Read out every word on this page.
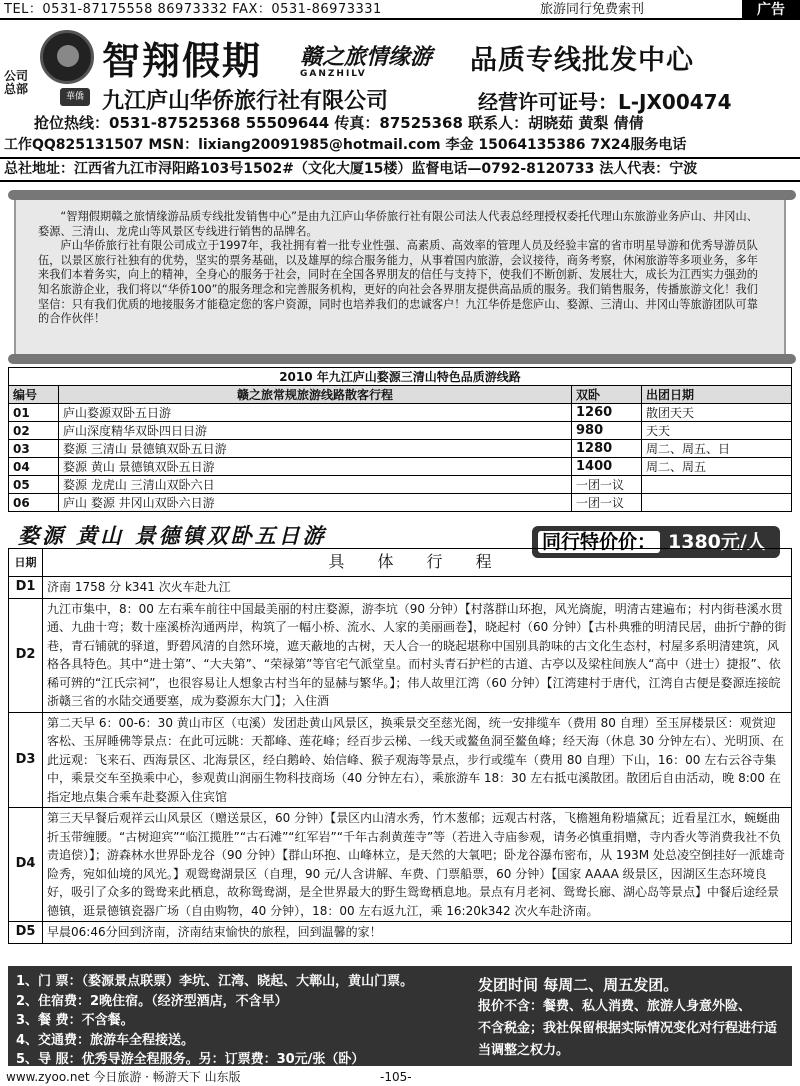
TEL：0531-87175558 86973332 FAX：0531-86973331	旅游同行免费索刊	广告
公司总部
華僑
智翔假期 赣之旅情缘游
GANZHILV	品质专线批发中心
九江庐山华侨旅行社有限公司	经营许可证号：L-JX00474
抢位热线：0531-87525368 55509644 传真：87525368 联系人：胡晓茹 黄梨 倩倩
工作QQ825131507 MSN：lixiang20091985@hotmail.com 李金 15064135386 7X24服务电话
总社地址：江西省九江市浔阳路103号1502#（文化大厦15楼）监督电话—0792-8120733 法人代表：宁波

“智翔假期赣之旅情缘游品质专线批发销售中心”是由九江庐山华侨旅行社有限公司法人代表总经理授权委托代理山东旅游业务庐山、井冈山、婺源、三清山、龙虎山等风景区专线进行销售的品牌名。

庐山华侨旅行社有限公司成立于1997年，我社拥有着一批专业性强、高素质、高效率的管理人员及经验丰富的省市明星导游和优秀导游员队伍，以景区旅行社独有的优势，坚实的票务基础，以及雄厚的综合服务能力，从事着国内旅游，会议接待，商务考察，休闲旅游等多项业务，多年来我们本着务实，向上的精神，全身心的服务于社会，同时在全国各界朋友的信任与支持下，使我们不断创新、发展壮大，成长为江西实力强劲的知名旅游企业，我们将以“华侨100”的服务理念和完善服务机构，更好的向社会各界朋友提供高品质的服务。我们销售服务，传播旅游文化！我们坚信：只有我们优质的地接服务才能稳定您的客户资源，同时也培养我们的忠诚客户！九江华侨是您庐山、婺源、三清山、井冈山等旅游团队可靠的合作伙伴！

2010 年九江庐山婺源三清山特色品质游线路			
编号	赣之旅常规旅游线路散客行程	双卧	出团日期
01	庐山婺源双卧五日游	1260	散团天天
02	庐山深度精华双卧四日日游	980	天天
03	婺源 三清山 景德镇双卧五日游	1280	周二、周五、日
04	婺源 黄山 景德镇双卧五日游	1400	周二、周五
05	婺源 龙虎山 三清山双卧六日	一团一议	
06	庐山 婺源 井冈山双卧六日游	一团一议	
婺源 黄山 景德镇双卧五日游	同行特价价： 1380元/人
日期	具 体 行 程
D1	济南 1758 分 k341 次火车赴九江
D2	九江市集中，8：00 左右乘车前往中国最美丽的村庄婺源，游李坑（90 分钟）【村落群山环抱，风光旖旎，明清古建遍布；村内街巷溪水贯通、九曲十弯；数十座溪桥沟通两岸，构筑了一幅小桥、流水、人家的美丽画卷】，晓起村（60 分钟）【古朴典雅的明清民居，曲折宁静的街巷，青石铺就的驿道，野碧风清的自然环境，遮天蔽地的古树，天人合一的晓起堪称中国别具韵味的古文化生态村，村屋多系明清建筑，风格各具特色。其中“进士第”、“大夫第”、“荣禄第”等官宅气派堂皇。而村头青石护栏的古道、古亭以及梁柱间族人“高中（进士）捷报”、依稀可辨的“江氏宗祠”，也很容易让人想象古村当年的显赫与繁华。】；伟人故里江湾（60 分钟）【江湾建村于唐代，江湾自古便是婺源连接皖浙赣三省的水陆交通要塞，成为婺源东大门】；入住酒
D3	第二天早 6：00-6：30 黄山市区（屯溪）发团赴黄山风景区，换乘景交至慈光阁，统一安排缆车（费用 80 自理）至玉屏楼景区：观赏迎客松、玉屏睡佛等景点：在此可远眺：天都峰、莲花峰；经百步云梯、一线天或鳌鱼洞至鳌鱼峰；经天海（休息 30 分钟左右）、光明顶、在此远观：飞来石、西海景区、北海景区，经白鹅岭、始信峰、猴子观海等景点，步行或缆车（费用 80 自理）下山，16：00 左右云谷寺集中，乘景交车至换乘中心，参观黄山润丽生物科技商场（40 分钟左右），乘旅游车 18：30 左右抵屯溪散团。散团后自由活动，晚 8:00 在指定地点集合乘车赴婺源入住宾馆
D4	第三天早餐后观祥云山风景区（赠送景区，60 分钟）【景区内山清水秀，竹木葱郁；远观古村落，飞檐翘角粉墙黛瓦；近看星江水，蜿蜒曲折玉带缠腰。“古树迎宾”“临江揽胜”“古石滩”“红军岩”“千年古刹黄莲寺”等（若进入寺庙参观，请务必慎重捐赠，寺内香火等消费我社不负责追偿）】；游森林水世界卧龙谷（90 分钟）【群山环抱、山峰林立，是天然的大氧吧；卧龙谷瀑布密布，从 193M 处总凌空倒挂好一派雄奇险秀，宛如仙境的风光。】观鸳鸯湖景区（自理，90 元/人含讲解、车费、门票船票，60 分钟）【国家 AAAA 级景区，因湖区生态环境良好，吸引了众多的鸳鸯来此栖息，故称鸳鸯湖，是全世界最大的野生鸳鸯栖息地。景点有月老祠、鸳鸯长廊、湖心岛等景点】中餐后途经景德镇，逛景德镇瓷器广场（自由购物，40 分钟），18：00 左右返九江，乘 16:20k342 次火车赴济南。
D5	早晨06:46分回到济南，济南结束愉快的旅程，回到温馨的家！
1、门 票：（婺源景点联票）李坑、江湾、晓起、大鄣山，黄山门票。
2、住宿费：2晚住宿。（经济型酒店，不含早）
3、餐 费：不含餐。
4、交通费：旅游车全程接送。
5、导 服：优秀导游全程服务。另：订票费：30元/张（卧）
发团时间 每周二、周五发团。
报价不含：餐费、私人消费、旅游人身意外险、
不含税金；我社保留根据实际情况变化对行程进行适当调整之权力。
www.zyoo.net 今日旅游 · 畅游天下 山东版	-105-
